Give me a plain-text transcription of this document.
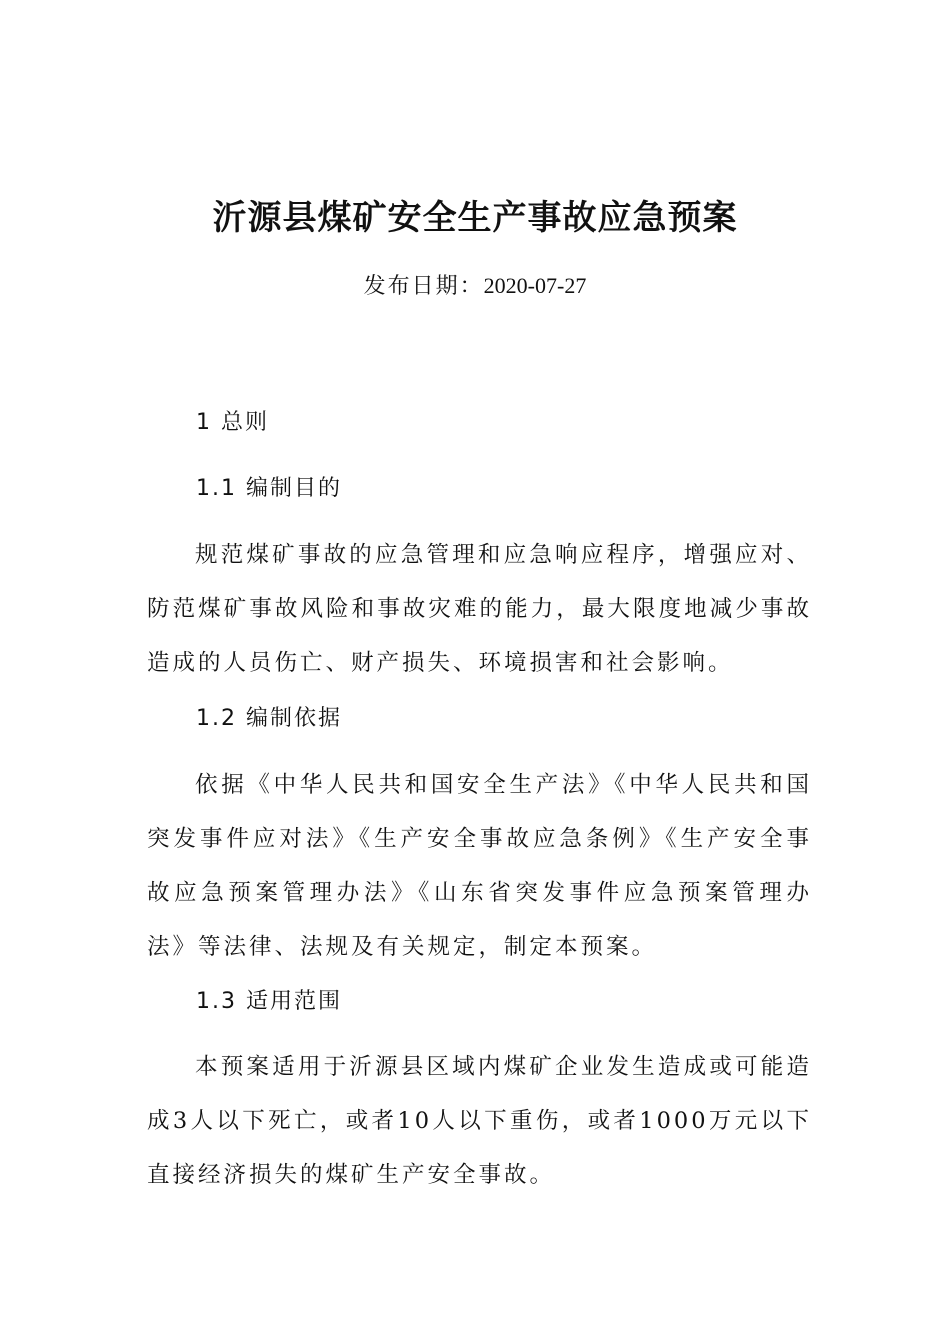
沂源县煤矿安全生产事故应急预案
发布日期：2020-07-27
1 总则
1.1 编制目的
规范煤矿事故的应急管理和应急响应程序，增强应对、防范煤矿事故风险和事故灾难的能力，最大限度地减少事故造成的人员伤亡、财产损失、环境损害和社会影响。
1.2 编制依据
依据《中华人民共和国安全生产法》《中华人民共和国突发事件应对法》《生产安全事故应急条例》《生产安全事故应急预案管理办法》《山东省突发事件应急预案管理办法》等法律、法规及有关规定，制定本预案。
1.3 适用范围
本预案适用于沂源县区域内煤矿企业发生造成或可能造成3人以下死亡，或者10人以下重伤，或者1000万元以下直接经济损失的煤矿生产安全事故。
